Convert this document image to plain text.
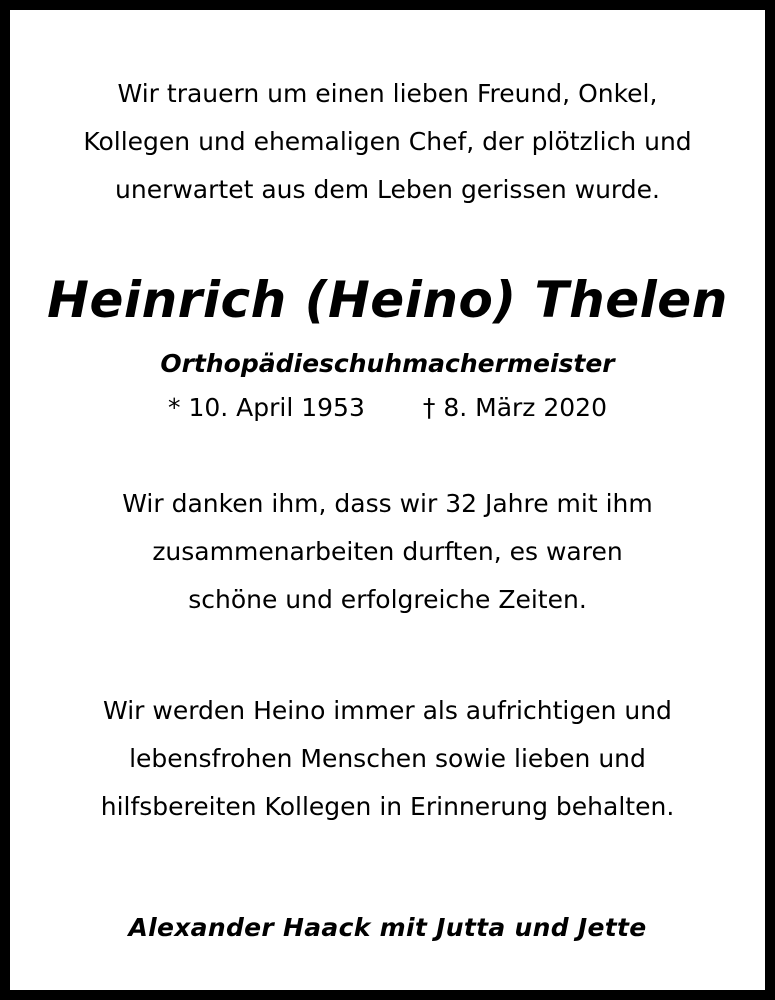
Wir trauern um einen lieben Freund, Onkel,
Kollegen und ehemaligen Chef, der plötzlich und
unerwartet aus dem Leben gerissen wurde.

Heinrich (Heino) Thelen

Orthopädieschuhmachermeister

* 10. April 1953 † 8. März 2020

Wir danken ihm, dass wir 32 Jahre mit ihm
zusammenarbeiten durften, es waren
schöne und erfolgreiche Zeiten.

Wir werden Heino immer als aufrichtigen und
lebensfrohen Menschen sowie lieben und
hilfsbereiten Kollegen in Erinnerung behalten.

Alexander Haack mit Jutta und Jette
